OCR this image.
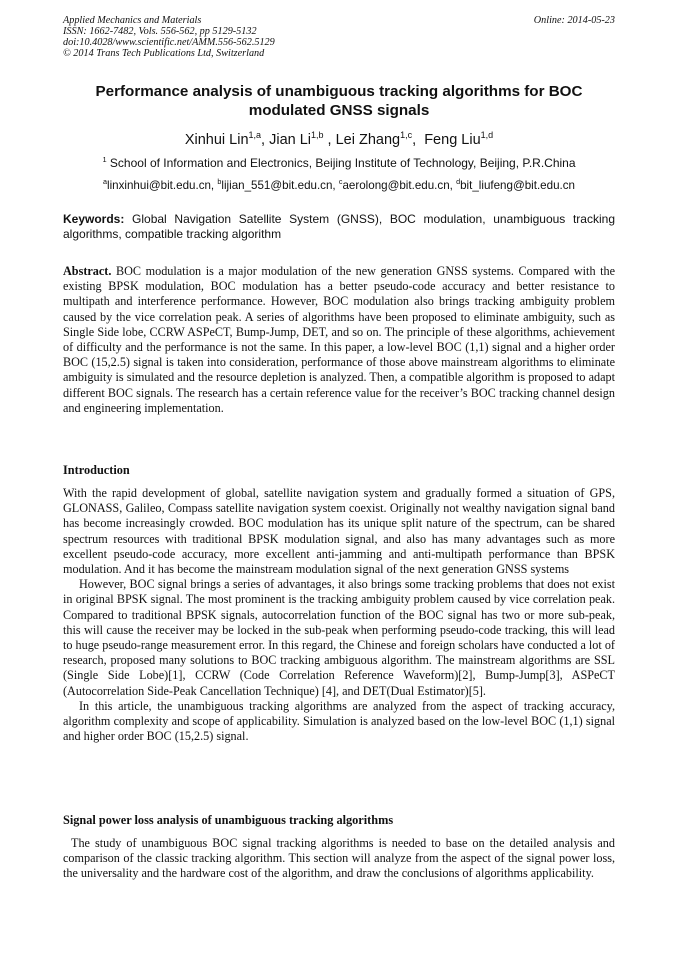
Applied Mechanics and Materials
ISSN: 1662-7482, Vols. 556-562, pp 5129-5132
doi:10.4028/www.scientific.net/AMM.556-562.5129
© 2014 Trans Tech Publications Ltd, Switzerland
Online: 2014-05-23
Performance analysis of unambiguous tracking algorithms for BOC modulated GNSS signals
Xinhui Lin$^{1,a}$, Jian Li$^{1,b}$ , Lei Zhang$^{1,c}$,  Feng Liu$^{1,d}$
$^1$ School of Information and Electronics, Beijing Institute of Technology, Beijing, P.R.China
$^a$linxinhui@bit.edu.cn, $^b$lijian_551@bit.edu.cn, $^c$aerolong@bit.edu.cn, $^d$bit_liufeng@bit.edu.cn
Keywords: Global Navigation Satellite System (GNSS), BOC modulation, unambiguous tracking algorithms, compatible tracking algorithm
Abstract. BOC modulation is a major modulation of the new generation GNSS systems. Compared with the existing BPSK modulation, BOC modulation has a better pseudo-code accuracy and better resistance to multipath and interference performance. However, BOC modulation also brings tracking ambiguity problem caused by the vice correlation peak. A series of algorithms have been proposed to eliminate ambiguity, such as Single Side lobe, CCRW ASPeCT, Bump-Jump, DET, and so on. The principle of these algorithms, achievement of difficulty and the performance is not the same. In this paper, a low-level BOC (1,1) signal and a higher order BOC (15,2.5) signal is taken into consideration, performance of those above mainstream algorithms to eliminate ambiguity is simulated and the resource depletion is analyzed. Then, a compatible algorithm is proposed to adapt different BOC signals. The research has a certain reference value for the receiver’s BOC tracking channel design and engineering implementation.
Introduction

With the rapid development of global, satellite navigation system and gradually formed a situation of GPS, GLONASS, Galileo, Compass satellite navigation system coexist. Originally not wealthy navigation signal band has become increasingly crowded. BOC modulation has its unique split nature of the spectrum, can be shared spectrum resources with traditional BPSK modulation signal, and also has many advantages such as more excellent pseudo-code accuracy, more excellent anti-jamming and anti-multipath performance than BPSK modulation. And it has become the mainstream modulation signal of the next generation GNSS systems

However, BOC signal brings a series of advantages, it also brings some tracking problems that does not exist in original BPSK signal. The most prominent is the tracking ambiguity problem caused by vice correlation peak. Compared to traditional BPSK signals, autocorrelation function of the BOC signal has two or more sub-peak, this will cause the receiver may be locked in the sub-peak when performing pseudo-code tracking, this will lead to huge pseudo-range measurement error. In this regard, the Chinese and foreign scholars have conducted a lot of research, proposed many solutions to BOC tracking ambiguous algorithm. The mainstream algorithms are SSL (Single Side Lobe)[1], CCRW (Code Correlation Reference Waveform)[2], Bump-Jump[3], ASPeCT (Autocorrelation Side-Peak Cancellation Technique) [4], and DET(Dual Estimator)[5].

In this article, the unambiguous tracking algorithms are analyzed from the aspect of tracking accuracy, algorithm complexity and scope of applicability. Simulation is analyzed based on the low-level BOC (1,1) signal and higher order BOC (15,2.5) signal.

Signal power loss analysis of unambiguous tracking algorithms

The study of unambiguous BOC signal tracking algorithms is needed to base on the detailed analysis and comparison of the classic tracking algorithm. This section will analyze from the aspect of the signal power loss, the universality and the hardware cost of the algorithm, and draw the conclusions of algorithms applicability.
